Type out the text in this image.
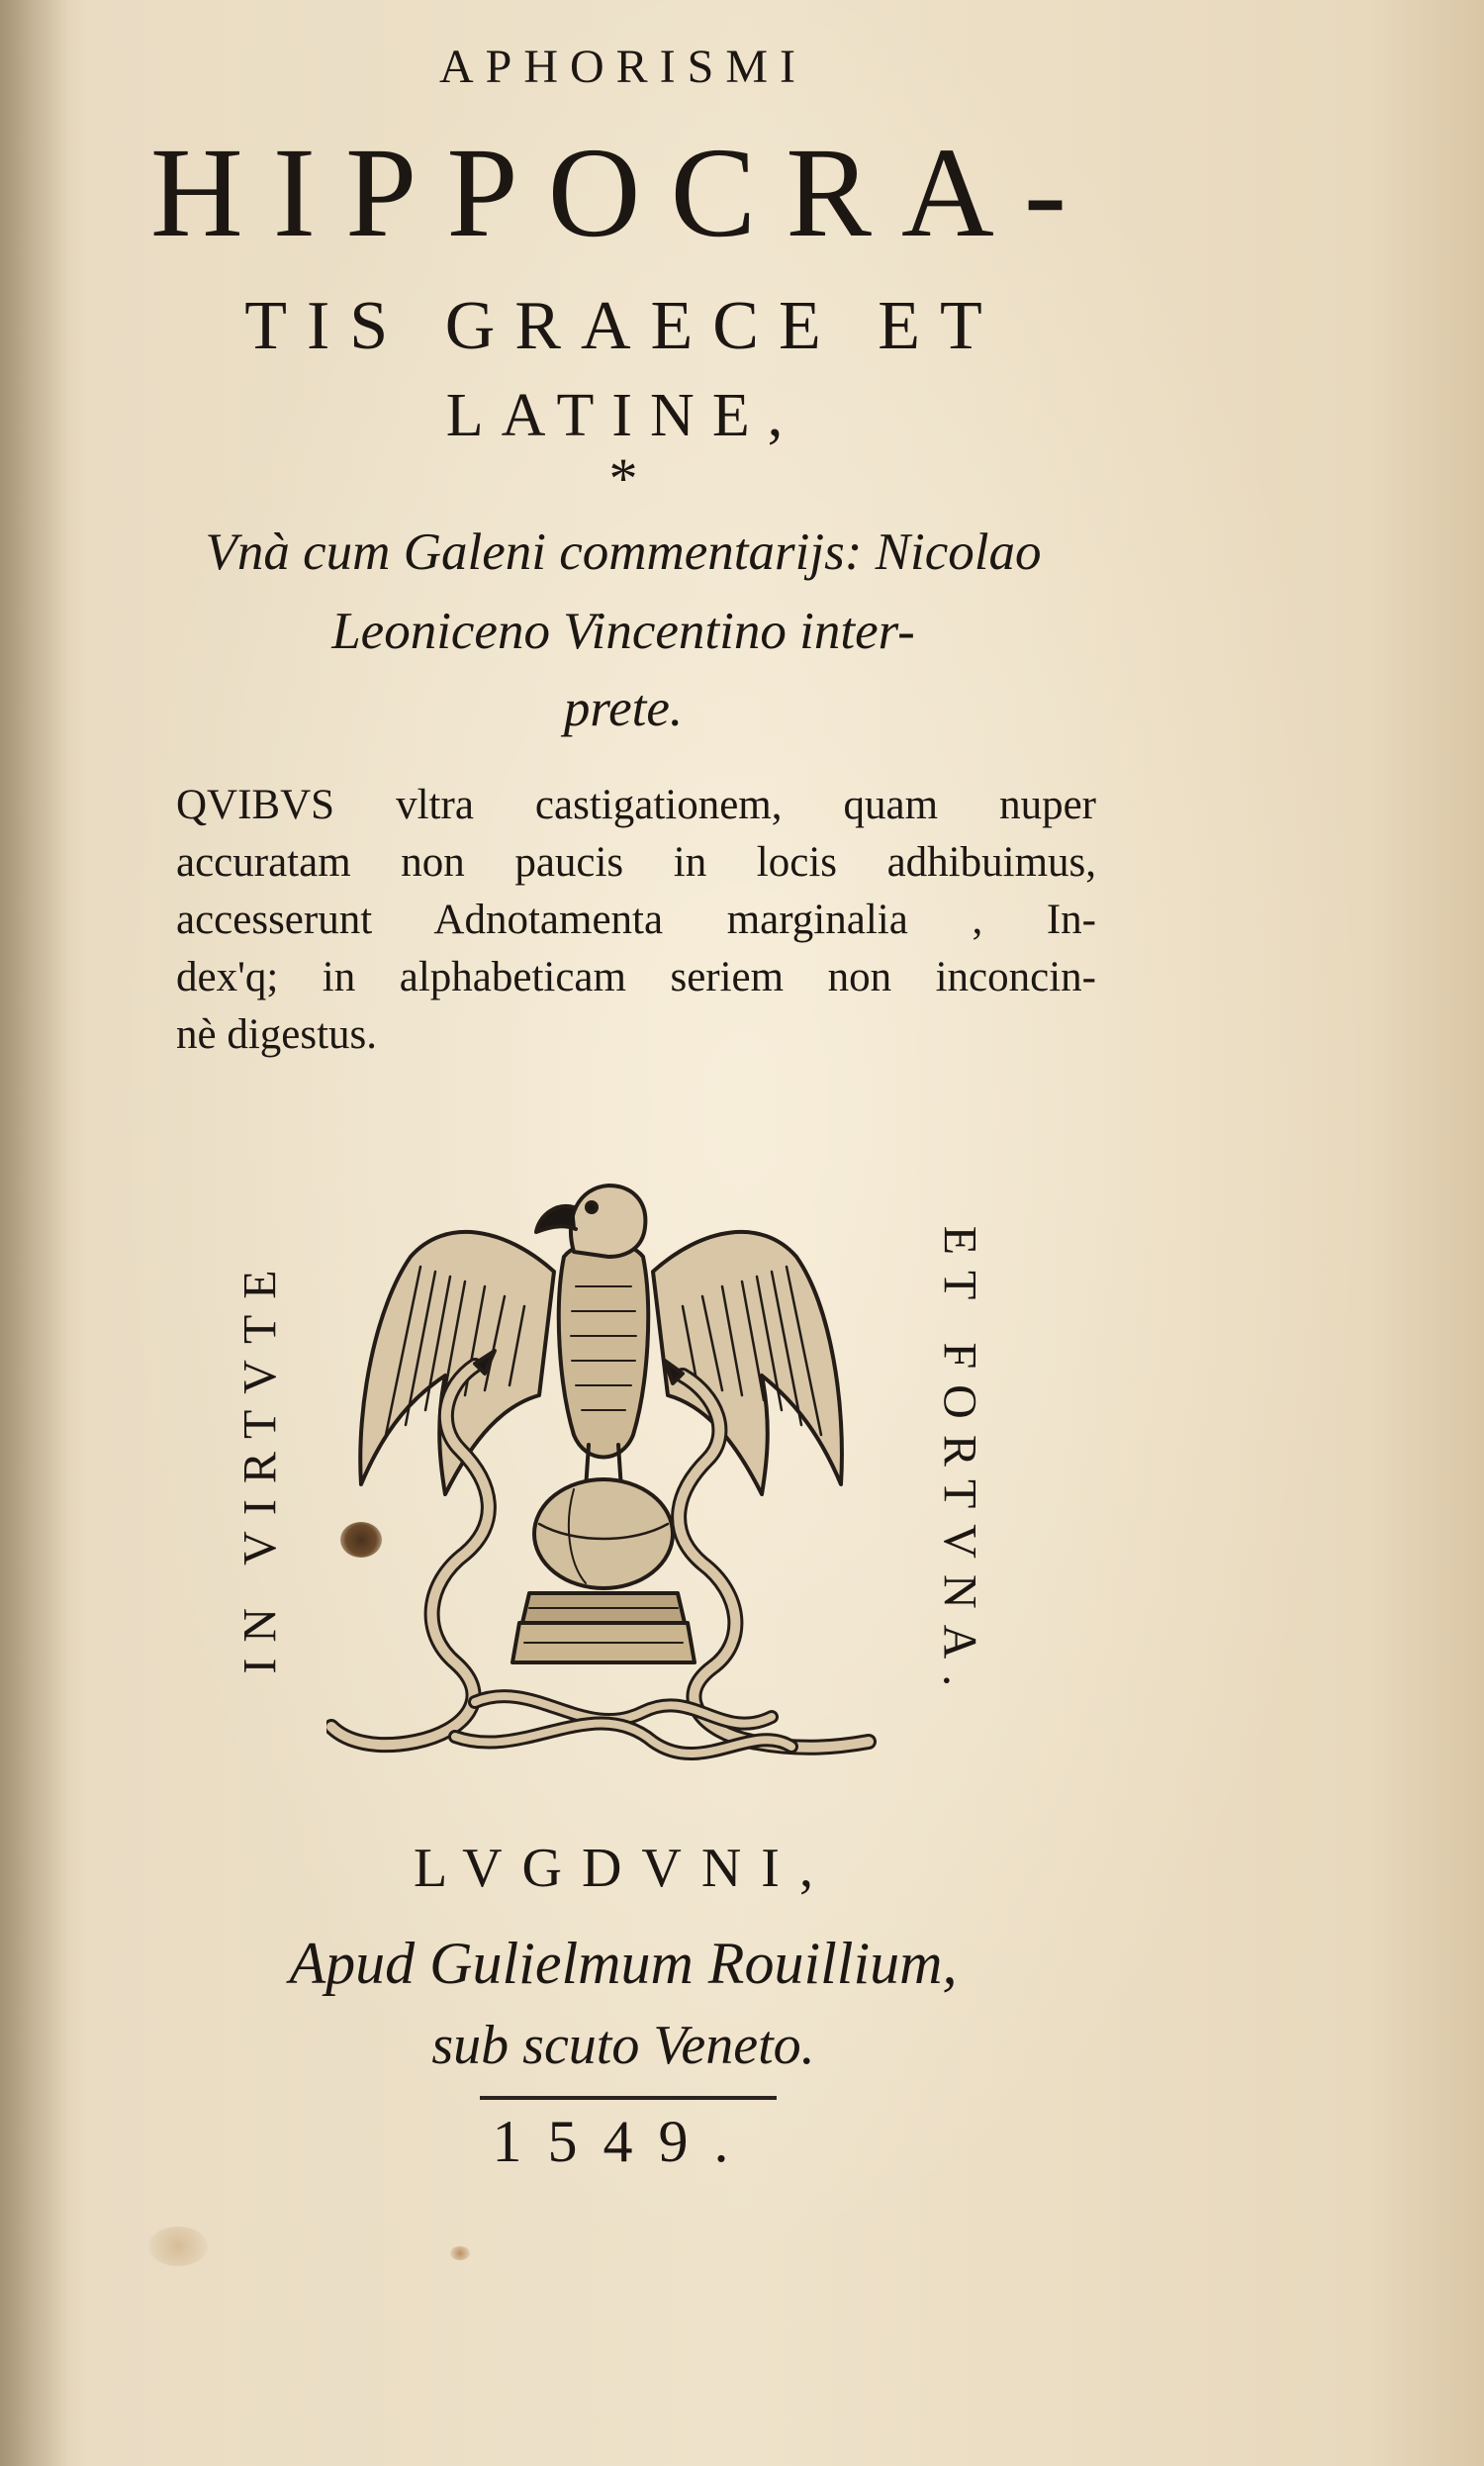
APHORISMI
HIPPOCRA-
TIS GRAECE ET
LATINE,
*
Vnà cum Galeni commentarijs: Nicolao
Leoniceno Vincentino inter-
prete.
QVIBVS vltra castigationem, quam nuper
accuratam non paucis in locis adhibuimus,
accesserunt Adnotamenta marginalia , In-
dex'q; in alphabeticam seriem non inconcin-
nè digestus.
IN VIRTVTE	ET FORTVNA.
LVGDVNI,
Apud Gulielmum Rouillium,
sub scuto Veneto.
1549.
